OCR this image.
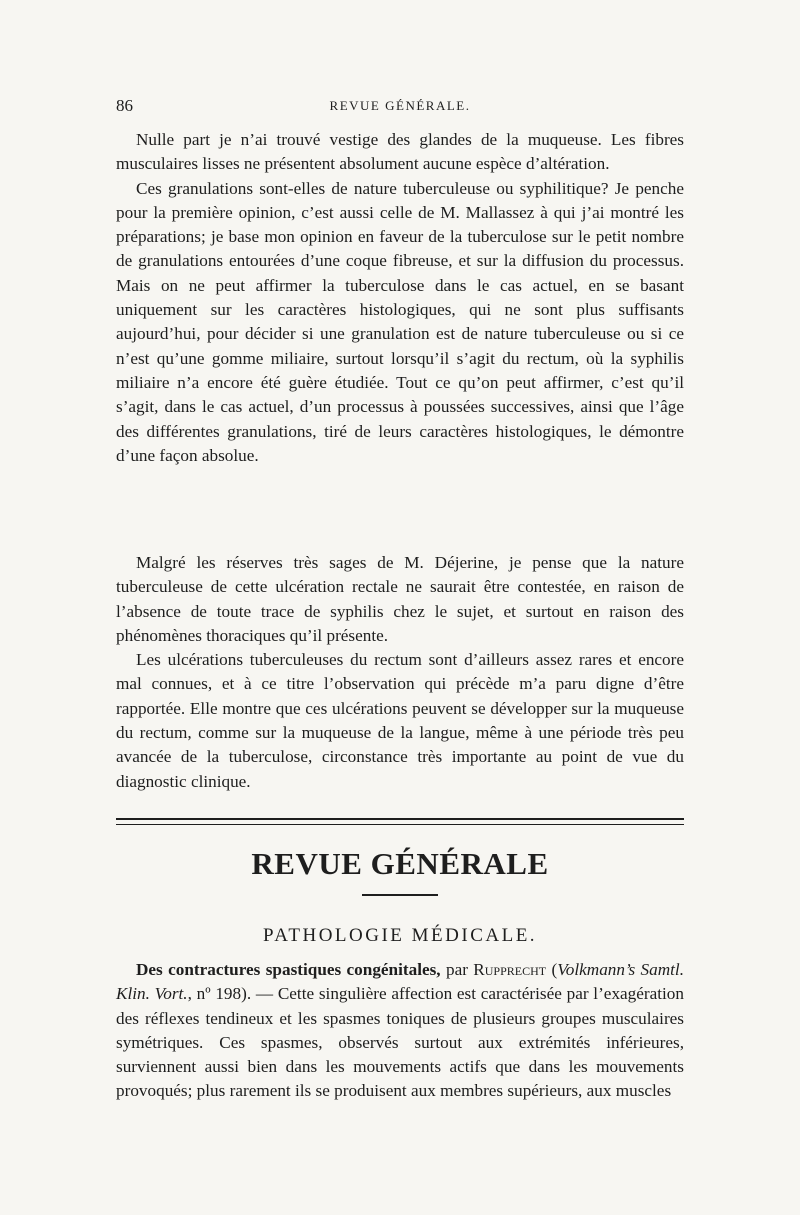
86	REVUE GÉNÉRALE.

Nulle part je n’ai trouvé vestige des glandes de la muqueuse. Les fibres musculaires lisses ne présentent absolument aucune espèce d’altération.

Ces granulations sont-elles de nature tuberculeuse ou syphilitique? Je penche pour la première opinion, c’est aussi celle de M. Mallassez à qui j’ai montré les préparations; je base mon opinion en faveur de la tuberculose sur le petit nombre de granulations entourées d’une coque fibreuse, et sur la diffusion du processus. Mais on ne peut affirmer la tuberculose dans le cas actuel, en se basant uniquement sur les caractères histologiques, qui ne sont plus suffisants aujourd’hui, pour décider si une granulation est de nature tuberculeuse ou si ce n’est qu’une gomme miliaire, surtout lorsqu’il s’agit du rectum, où la syphilis miliaire n’a encore été guère étudiée. Tout ce qu’on peut affirmer, c’est qu’il s’agit, dans le cas actuel, d’un processus à poussées successives, ainsi que l’âge des différentes granulations, tiré de leurs caractères histologiques, le démontre d’une façon absolue.

Malgré les réserves très sages de M. Déjerine, je pense que la nature tuberculeuse de cette ulcération rectale ne saurait être contestée, en raison de l’absence de toute trace de syphilis chez le sujet, et surtout en raison des phénomènes thoraciques qu’il présente.

Les ulcérations tuberculeuses du rectum sont d’ailleurs assez rares et encore mal connues, et à ce titre l’observation qui précède m’a paru digne d’être rapportée. Elle montre que ces ulcérations peuvent se développer sur la muqueuse du rectum, comme sur la muqueuse de la langue, même à une période très peu avancée de la tuberculose, circonstance très importante au point de vue du diagnostic clinique.

REVUE GÉNÉRALE
PATHOLOGIE MÉDICALE.

Des contractures spastiques congénitales, par Rupprecht (Volkmann’s Samtl. Klin. Vort., nº 198). — Cette singulière affection est caractérisée par l’exagération des réflexes tendineux et les spasmes toniques de plusieurs groupes musculaires symétriques. Ces spasmes, observés surtout aux extrémités inférieures, surviennent aussi bien dans les mouvements actifs que dans les mouvements provoqués; plus rarement ils se produisent aux membres supérieurs, aux muscles
